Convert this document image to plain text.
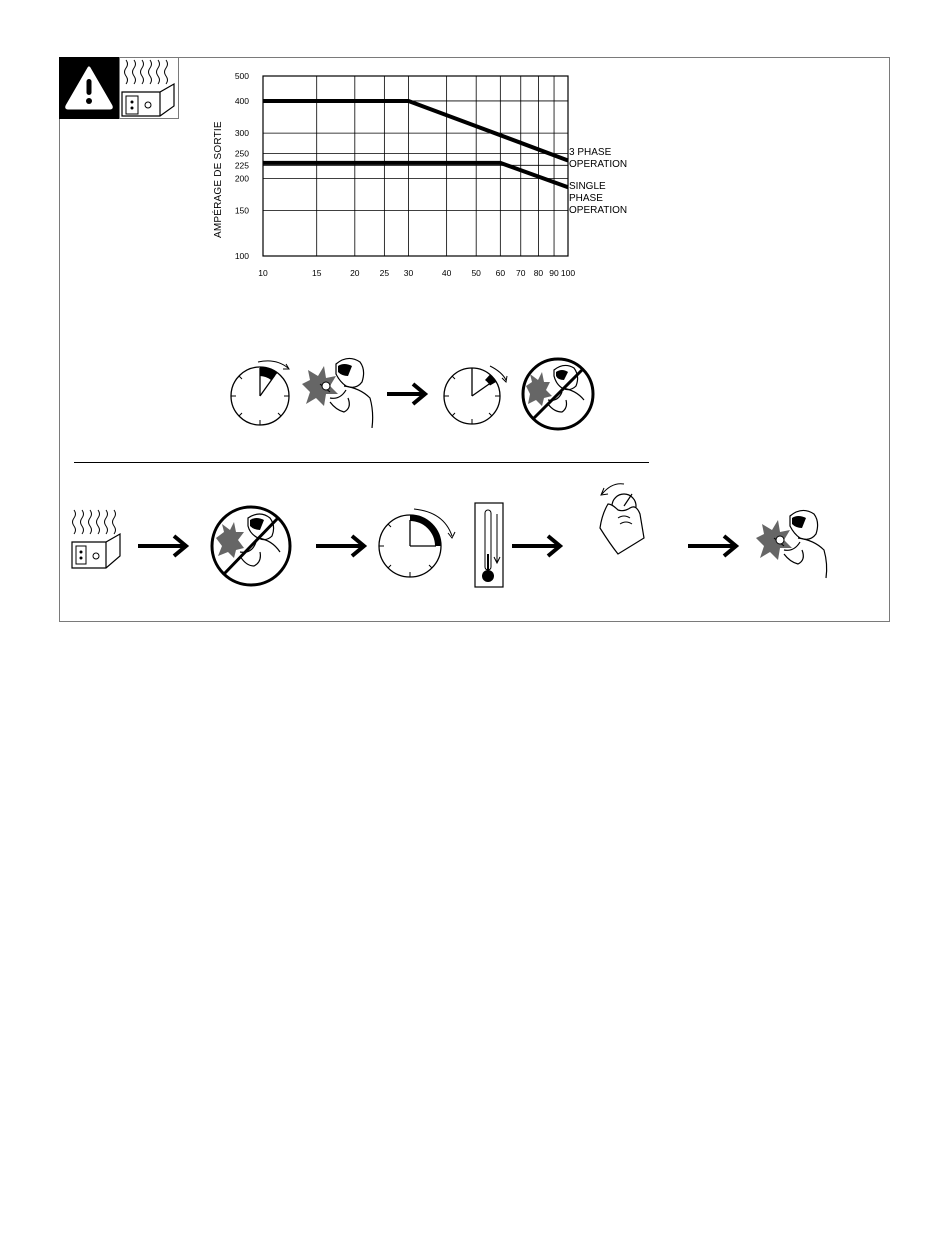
AMPÉRAGE DE SORTIE
10	15	20 25 30	40 50 60 70 80 90 100
100
150
200
225
250
300
400
500
3 PHASE
OPERATION
SINGLE
PHASE
OPERATION
